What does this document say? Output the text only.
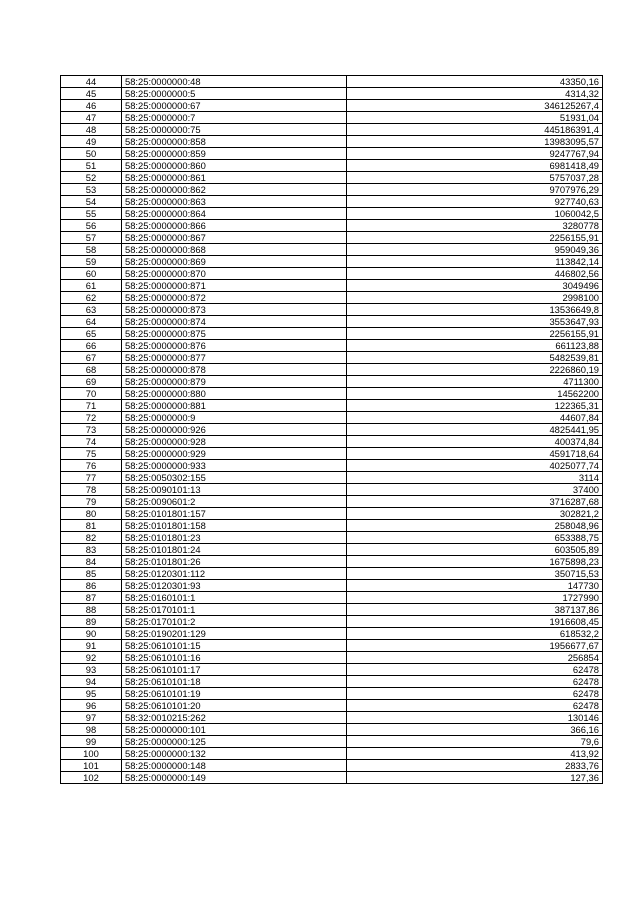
44	58:25:0000000:48	43350,16
45	58:25:0000000:5	4314,32
46	58:25:0000000:67	346125267,4
47	58:25:0000000:7	51931,04
48	58:25:0000000:75	445186391,4
49	58:25:0000000:858	13983095,57
50	58:25:0000000:859	9247767,94
51	58:25:0000000:860	6981418,49
52	58:25:0000000:861	5757037,28
53	58:25:0000000:862	9707976,29
54	58:25:0000000:863	927740,63
55	58:25:0000000:864	1060042,5
56	58:25:0000000:866	3280778
57	58:25:0000000:867	2256155,91
58	58:25:0000000:868	959049,36
59	58:25:0000000:869	113842,14
60	58:25:0000000:870	446802,56
61	58:25:0000000:871	3049496
62	58:25:0000000:872	2998100
63	58:25:0000000:873	13536649,8
64	58:25:0000000:874	3553647,93
65	58:25:0000000:875	2256155,91
66	58:25:0000000:876	661123,88
67	58:25:0000000:877	5482539,81
68	58:25:0000000:878	2226860,19
69	58:25:0000000:879	4711300
70	58:25:0000000:880	14562200
71	58:25:0000000:881	122365,31
72	58:25:0000000:9	44607,84
73	58:25:0000000:926	4825441,95
74	58:25:0000000:928	400374,84
75	58:25:0000000:929	4591718,64
76	58:25:0000000:933	4025077,74
77	58:25:0050302:155	3114
78	58:25:0090101:13	37400
79	58:25:0090601:2	3716287,68
80	58:25:0101801:157	302821,2
81	58:25:0101801:158	258048,96
82	58:25:0101801:23	653388,75
83	58:25:0101801:24	603505,89
84	58:25:0101801:26	1675898,23
85	58:25:0120301:112	350715,53
86	58:25:0120301:93	147730
87	58:25:0160101:1	1727990
88	58:25:0170101:1	387137,86
89	58:25:0170101:2	1916608,45
90	58:25:0190201:129	618532,2
91	58:25:0610101:15	1956677,67
92	58:25:0610101:16	256854
93	58:25:0610101:17	62478
94	58:25:0610101:18	62478
95	58:25:0610101:19	62478
96	58:25:0610101:20	62478
97	58:32:0010215:262	130146
98	58:25:0000000:101	366,16
99	58:25:0000000:125	79,6
100	58:25:0000000:132	413,92
101	58:25:0000000:148	2833,76
102	58:25:0000000:149	127,36
